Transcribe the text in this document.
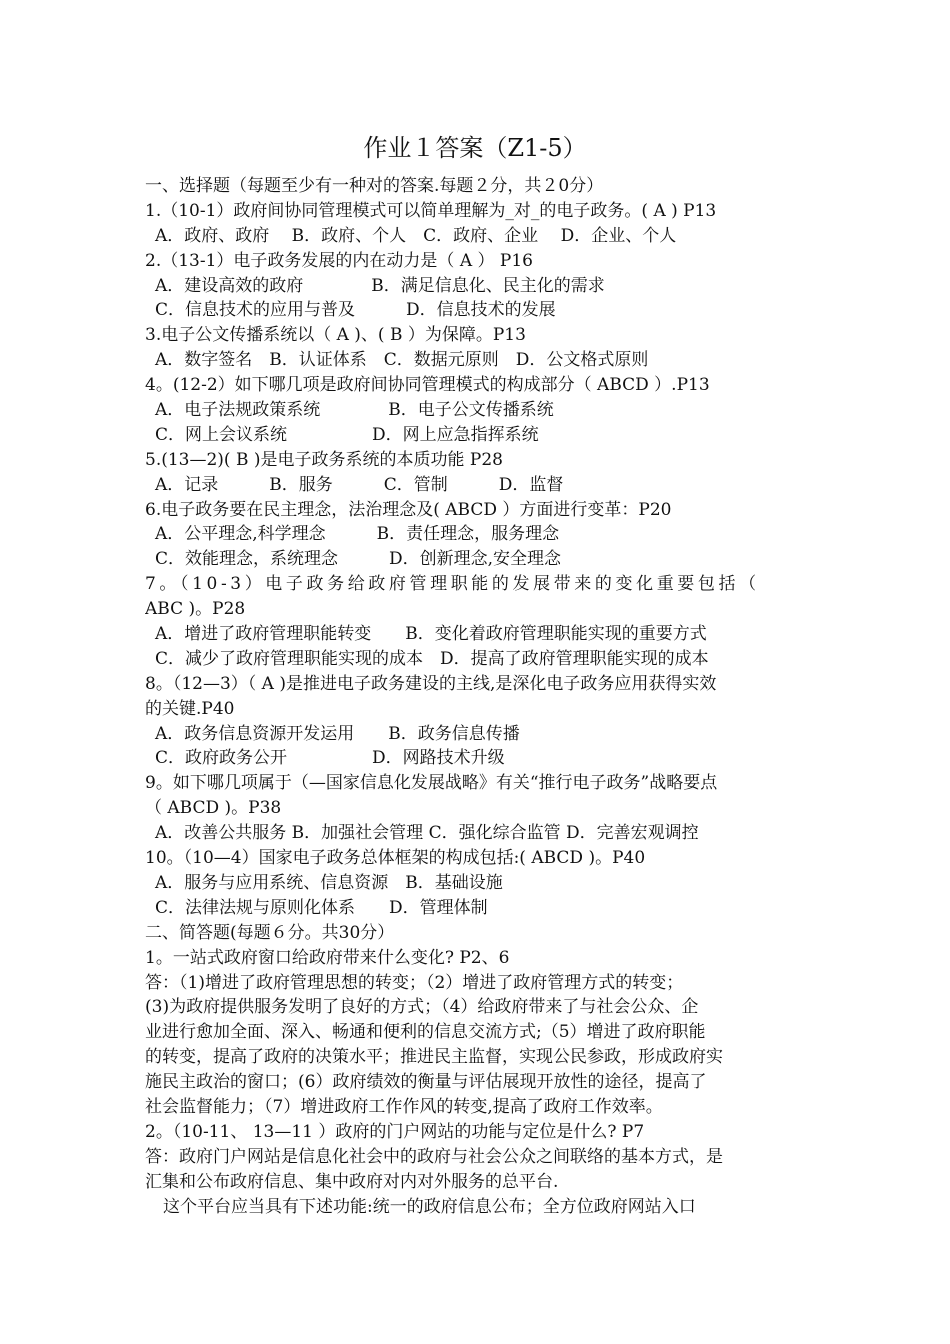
作业１答案（Z1-5）
一、选择题（每题至少有一种对的答案.每题２分，共２0分）
1.（10-1）政府间协同管理模式可以简单理解为_对_的电子政务。( A ) P13
A．政府、政府　 B．政府、个人　C．政府、企业　 D．企业、个人
2.（13-1）电子政务发展的内在动力是（ A ） P16
A．建设高效的政府　　　　B．满足信息化、民主化的需求
C．信息技术的应用与普及　　　D．信息技术的发展
3.电子公文传播系统以（ A )、( B ）为保障。P13
A．数字签名　B．认证体系　C．数据元原则　D．公文格式原则
4。(12-2）如下哪几项是政府间协同管理模式的构成部分（ ABCD ）.P13
A．电子法规政策系统　　　　B．电子公文传播系统
C．网上会议系统　　　　　D．网上应急指挥系统
5.(13—2)( B )是电子政务系统的本质功能 P28
A．记录　　　B．服务　　　C．管制　　　D．监督
6.电子政务要在民主理念，法治理念及( ABCD ）方面进行变革：P20
A．公平理念,科学理念　　　B．责任理念，服务理念
C．效能理念，系统理念　　　D．创新理念,安全理念
7。（10-3）电子政务给政府管理职能的发展带来的变化重要包括（
ABC )。P28
A．增进了政府管理职能转变　　B．变化着政府管理职能实现的重要方式
C．减少了政府管理职能实现的成本　D．提高了政府管理职能实现的成本
8。（12—3）（ A )是推进电子政务建设的主线,是深化电子政务应用获得实效
的关键.P40
A．政务信息资源开发运用　　B．政务信息传播
C．政府政务公开　　　　　D．网路技术升级
9。如下哪几项属于（—国家信息化发展战略》有关“推行电子政务”战略要点
（ ABCD )。P38
A．改善公共服务 B．加强社会管理 C．强化综合监管 D．完善宏观调控
10。（10—4）国家电子政务总体框架的构成包括:( ABCD )。P40
A．服务与应用系统、信息资源　B．基础设施
C．法律法规与原则化体系　　D．管理体制
二、简答题(每题６分。共30分）
1。一站式政府窗口给政府带来什么变化? P2、6
答：（1)增进了政府管理思想的转变；（2）增进了政府管理方式的转变；
(3)为政府提供服务发明了良好的方式；（4）给政府带来了与社会公众、企
业进行愈加全面、深入、畅通和便利的信息交流方式;（5）增进了政府职能
的转变，提高了政府的决策水平；推进民主监督，实现公民参政，形成政府实
施民主政治的窗口；(6）政府绩效的衡量与评估展现开放性的途径，提高了
社会监督能力；（7）增进政府工作作风的转变,提高了政府工作效率。
2。（10-11、 13—11 ）政府的门户网站的功能与定位是什么? P7
答：政府门户网站是信息化社会中的政府与社会公众之间联络的基本方式，是
汇集和公布政府信息、集中政府对内对外服务的总平台.
这个平台应当具有下述功能:统一的政府信息公布；全方位政府网站入口
